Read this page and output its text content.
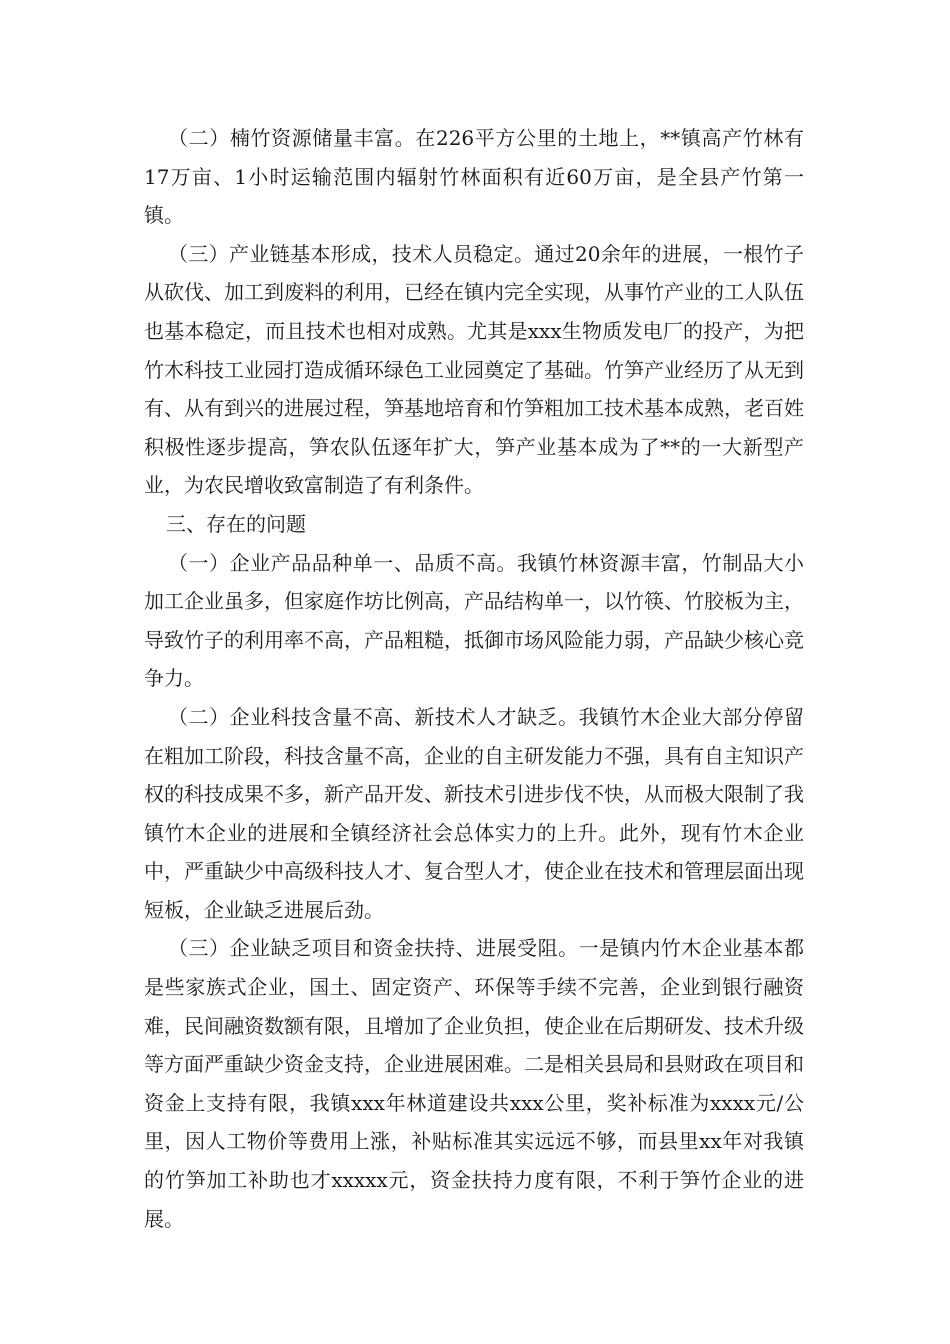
（二）楠竹资源储量丰富。在226平方公里的土地上，**镇高产竹林有17万亩、1小时运输范围内辐射竹林面积有近60万亩，是全县产竹第一镇。

（三）产业链基本形成，技术人员稳定。通过20余年的进展，一根竹子从砍伐、加工到废料的利用，已经在镇内完全实现，从事竹产业的工人队伍也基本稳定，而且技术也相对成熟。尤其是xxx生物质发电厂的投产，为把竹木科技工业园打造成循环绿色工业园奠定了基础。竹笋产业经历了从无到有、从有到兴的进展过程，笋基地培育和竹笋粗加工技术基本成熟，老百姓积极性逐步提高，笋农队伍逐年扩大，笋产业基本成为了**的一大新型产业，为农民增收致富制造了有利条件。

三、存在的问题

（一）企业产品品种单一、品质不高。我镇竹林资源丰富，竹制品大小加工企业虽多，但家庭作坊比例高，产品结构单一，以竹筷、竹胶板为主，导致竹子的利用率不高，产品粗糙，抵御市场风险能力弱，产品缺少核心竞争力。

（二）企业科技含量不高、新技术人才缺乏。我镇竹木企业大部分停留在粗加工阶段，科技含量不高，企业的自主研发能力不强，具有自主知识产权的科技成果不多，新产品开发、新技术引进步伐不快，从而极大限制了我镇竹木企业的进展和全镇经济社会总体实力的上升。此外，现有竹木企业中，严重缺少中高级科技人才、复合型人才，使企业在技术和管理层面出现短板，企业缺乏进展后劲。

（三）企业缺乏项目和资金扶持、进展受阻。一是镇内竹木企业基本都是些家族式企业，国土、固定资产、环保等手续不完善，企业到银行融资难，民间融资数额有限，且增加了企业负担，使企业在后期研发、技术升级等方面严重缺少资金支持，企业进展困难。二是相关县局和县财政在项目和资金上支持有限，我镇xxx年林道建设共xxx公里，奖补标准为xxxx元/公里，因人工物价等费用上涨，补贴标准其实远远不够，而县里xx年对我镇的竹笋加工补助也才xxxxx元，资金扶持力度有限，不利于笋竹企业的进展。
